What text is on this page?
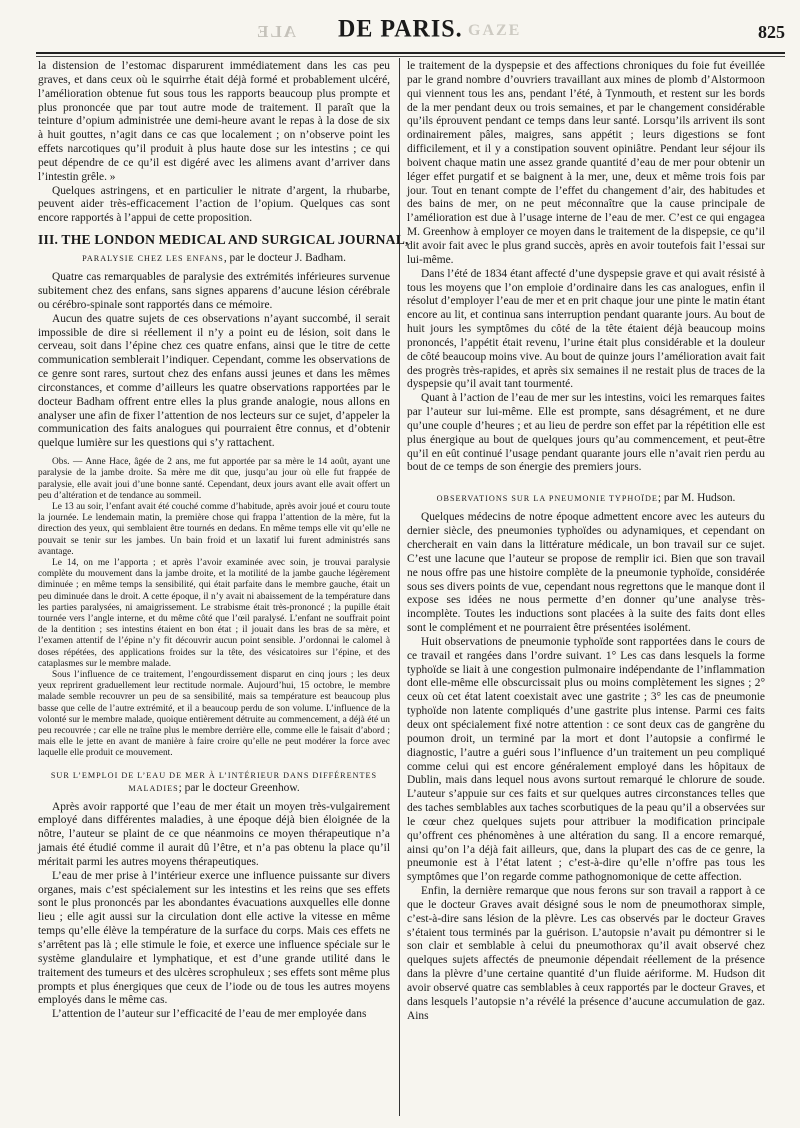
ALE DE PARIS. GAZE	825

la distension de l’estomac disparurent immédiatement dans les cas peu graves, et dans ceux où le squirrhe était déjà formé et probablement ulcéré, l’amélioration obtenue fut sous tous les rapports beaucoup plus prompte et plus prononcée que par tout autre mode de traitement. Il paraît que la teinture d’opium administrée une demi-heure avant le repas à la dose de six à huit gouttes, n’agit dans ce cas que localement ; on n’observe point les effets narcotiques qu’il produit à plus haute dose sur les intestins ; ce qui peut dépendre de ce qu’il est digéré avec les alimens avant d’arriver dans l’intestin grêle. »

Quelques astringens, et en particulier le nitrate d’argent, la rhubarbe, peuvent aider très-efficacement l’action de l’opium. Quelques cas sont encore rapportés à l’appui de cette proposition.

III. THE LONDON MEDICAL AND SURGICAL JOURNAL,
PARALYSIE CHEZ LES ENFANS, par le docteur J. Badham.

Quatre cas remarquables de paralysie des extrémités inférieures survenue subitement chez des enfans, sans signes apparens d’aucune lésion cérébrale ou cérébro-spinale sont rapportés dans ce mémoire.

Aucun des quatre sujets de ces observations n’ayant succombé, il serait impossible de dire si réellement il n’y a point eu de lésion, soit dans le cerveau, soit dans l’épine chez ces quatre enfans, ainsi que le titre de cette communication semblerait l’indiquer. Cependant, comme les observations de ce genre sont rares, surtout chez des enfans aussi jeunes et dans les mêmes circonstances, et comme d’ailleurs les quatre observations rapportées par le docteur Badham offrent entre elles la plus grande analogie, nous allons en analyser une afin de fixer l’attention de nos lecteurs sur ce sujet, d’appeler la communication des faits analogues qui pourraient être connus, et d’obtenir quelque lumière sur les questions qui s’y rattachent.

Obs. — Anne Hace, âgée de 2 ans, me fut apportée par sa mère le 14 août, ayant une paralysie de la jambe droite. Sa mère me dit que, jusqu’au jour où elle fut frappée de paralysie, elle avait joui d’une bonne santé. Cependant, deux jours avant elle avait offert un peu d’altération et de tendance au sommeil.

Le 13 au soir, l’enfant avait été couché comme d’habitude, après avoir joué et couru toute la journée. Le lendemain matin, la première chose qui frappa l’attention de la mère, fut la direction des yeux, qui semblaient être tournés en dedans. En même temps elle vit qu’elle ne pouvait se tenir sur les jambes. Un bain froid et un laxatif lui furent administrés sans avantage.

Le 14, on me l’apporta ; et après l’avoir examinée avec soin, je trouvai paralysie complète du mouvement dans la jambe droite, et la motilité de la jambe gauche légèrement diminuée ; en même temps la sensibilité, qui était parfaite dans le membre gauche, était un peu diminuée dans le droit. A cette époque, il n’y avait ni abaissement de la température dans les parties paralysées, ni amaigrissement. Le strabisme était très-prononcé ; la pupille était tournée vers l’angle interne, et du même côté que l’œil paralysé. L’enfant ne souffrait point de la dentition ; ses intestins étaient en bon état ; il jouait dans les bras de sa mère, et l’examen attentif de l’épine n’y fit découvrir aucun point sensible. J’ordonnai le calomel à doses répétées, des applications froides sur la tête, des vésicatoires sur l’épine, et des cataplasmes sur le membre malade.

Sous l’influence de ce traitement, l’engourdissement disparut en cinq jours ; les deux yeux reprirent graduellement leur rectitude normale. Aujourd’hui, 15 octobre, le membre malade semble recouvrer un peu de sa sensibilité, mais sa température est beaucoup plus basse que celle de l’autre extrémité, et il a beaucoup perdu de son volume. L’influence de la volonté sur le membre malade, quoique entièrement détruite au commencement, a déjà été un peu recouvrée ; car elle ne traîne plus le membre derrière elle, comme elle le faisait d’abord ; mais elle le jette en avant de manière à faire croire qu’elle ne peut modérer la force avec laquelle elle produit ce mouvement.

SUR L’EMPLOI DE L’EAU DE MER À L’INTÉRIEUR DANS DIFFÉRENTES MALADIES; par le docteur Greenhow.

Après avoir rapporté que l’eau de mer était un moyen très-vulgairement employé dans différentes maladies, à une époque déjà bien éloignée de la nôtre, l’auteur se plaint de ce que néanmoins ce moyen thérapeutique n’a jamais été étudié comme il aurait dû l’être, et n’a pas obtenu la place qu’il méritait parmi les autres moyens thérapeutiques.

L’eau de mer prise à l’intérieur exerce une influence puissante sur divers organes, mais c’est spécialement sur les intestins et les reins que ses effets sont le plus prononcés par les abondantes évacuations auxquelles elle donne lieu ; elle agit aussi sur la circulation dont elle active la vitesse en même temps qu’elle élève la température de la surface du corps. Mais ces effets ne s’arrêtent pas là ; elle stimule le foie, et exerce une influence spéciale sur le système glandulaire et lymphatique, et est d’une grande utilité dans le traitement des tumeurs et des ulcères scrophuleux ; ses effets sont même plus prompts et plus énergiques que ceux de l’iode ou de tous les autres moyens employés dans le même cas.

L’attention de l’auteur sur l’efficacité de l’eau de mer employée dans

le traitement de la dyspepsie et des affections chroniques du foie fut éveillée par le grand nombre d’ouvriers travaillant aux mines de plomb d’Alstormoon qui viennent tous les ans, pendant l’été, à Tynmouth, et restent sur les bords de la mer pendant deux ou trois semaines, et par le changement considérable qu’ils éprouvent pendant ce temps dans leur santé. Lorsqu’ils arrivent ils sont ordinairement pâles, maigres, sans appétit ; leurs digestions se font difficilement, et il y a constipation souvent opiniâtre. Pendant leur séjour ils boivent chaque matin une assez grande quantité d’eau de mer pour obtenir un léger effet purgatif et se baignent à la mer, une, deux et même trois fois par jour. Tout en tenant compte de l’effet du changement d’air, des habitudes et des bains de mer, on ne peut méconnaître que la cause principale de l’amélioration est due à l’usage interne de l’eau de mer. C’est ce qui engagea M. Greenhow à employer ce moyen dans le traitement de la dispepsie, ce qu’il dit avoir fait avec le plus grand succès, après en avoir toutefois fait l’essai sur lui-même.

Dans l’été de 1834 étant affecté d’une dyspepsie grave et qui avait résisté à tous les moyens que l’on emploie d’ordinaire dans les cas analogues, enfin il résolut d’employer l’eau de mer et en prit chaque jour une pinte le matin étant encore au lit, et continua sans interruption pendant quarante jours. Au bout de huit jours les symptômes du côté de la tête étaient déjà beaucoup moins prononcés, l’appétit était revenu, l’urine était plus considérable et la douleur de côté beaucoup moins vive. Au bout de quinze jours l’amélioration avait fait des progrès très-rapides, et après six semaines il ne restait plus de traces de la dyspepsie qu’il avait tant tourmenté.

Quant à l’action de l’eau de mer sur les intestins, voici les remarques faites par l’auteur sur lui-même. Elle est prompte, sans désagrément, et ne dure qu’une couple d’heures ; et au lieu de perdre son effet par la répétition elle est plus énergique au bout de quelques jours qu’au commencement, et peut-être qu’il en eût continué l’usage pendant quarante jours elle n’avait rien perdu au bout de ce temps de son énergie des premiers jours.

OBSERVATIONS SUR LA PNEUMONIE TYPHOÏDE; par M. Hudson.

Quelques médecins de notre époque admettent encore avec les auteurs du dernier siècle, des pneumonies typhoïdes ou adynamiques, et cependant on chercherait en vain dans la littérature médicale, un bon travail sur ce sujet. C’est une lacune que l’auteur se propose de remplir ici. Bien que son travail ne nous offre pas une histoire complète de la pneumonie typhoïde, considérée sous ses divers points de vue, cependant nous regrettons que le manque dont il expose ses idées ne nous permette d’en donner qu’une analyse très-incomplète. Toutes les inductions sont placées à la suite des faits dont elles sont le complément et ne pourraient être présentées isolément.

Huit observations de pneumonie typhoïde sont rapportées dans le cours de ce travail et rangées dans l’ordre suivant. 1° Les cas dans lesquels la forme typhoïde se liait à une congestion pulmonaire indépendante de l’inflammation dont elle-même elle obscurcissait plus ou moins complètement les signes ; 2° ceux où cet état latent coexistait avec une gastrite ; 3° les cas de pneumonie typhoïde non latente compliqués d’une gastrite plus intense. Parmi ces faits deux ont spécialement fixé notre attention : ce sont deux cas de gangrène du poumon droit, un terminé par la mort et dont l’autopsie a confirmé le diagnostic, l’autre a guéri sous l’influence d’un traitement un peu compliqué comme celui qui est encore généralement employé dans les hôpitaux de Dublin, mais dans lequel nous avons surtout remarqué le chlorure de soude. L’auteur s’appuie sur ces faits et sur quelques autres circonstances telles que des taches semblables aux taches scorbutiques de la peau qu’il a observées sur le cœur chez quelques sujets pour attribuer la modification principale qu’offrent ces phénomènes à une altération du sang. Il a encore remarqué, ainsi qu’on l’a déjà fait ailleurs, que, dans la plupart des cas de ce genre, la pneumonie est à l’état latent ; c’est-à-dire qu’elle n’offre pas tous les symptômes que l’on regarde comme pathognomonique de cette affection.

Enfin, la dernière remarque que nous ferons sur son travail a rapport à ce que le docteur Graves avait désigné sous le nom de pneumothorax simple, c’est-à-dire sans lésion de la plèvre. Les cas observés par le docteur Graves s’étaient tous terminés par la guérison. L’autopsie n’avait pu démontrer si le son clair et semblable à celui du pneumothorax qu’il avait observé chez quelques sujets affectés de pneumonie dépendait réellement de la présence dans la plèvre d’une certaine quantité d’un fluide aériforme. M. Hudson dit avoir observé quatre cas semblables à ceux rapportés par le docteur Graves, et dans lesquels l’autopsie n’a révélé la présence d’aucune accumulation de gaz. Ains
